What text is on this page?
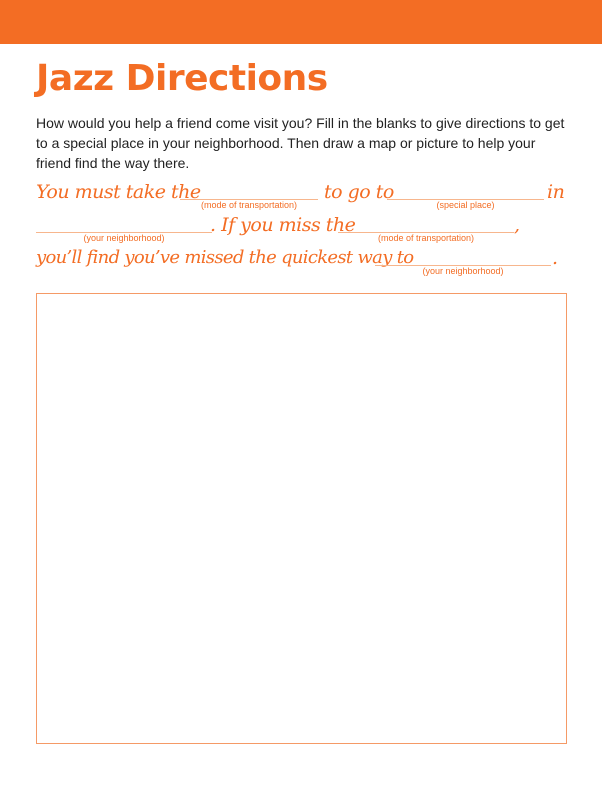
Jazz Directions

How would you help a friend come visit you? Fill in the blanks to give directions to get to a special place in your neighborhood. Then draw a map or picture to help your friend find the way there.

You must take the
(mode of transportation)
to go to
(special place)
in
(your neighborhood)
. If you miss the
(mode of transportation)
,
you’ll find you’ve missed the quickest way to
(your neighborhood)
.
